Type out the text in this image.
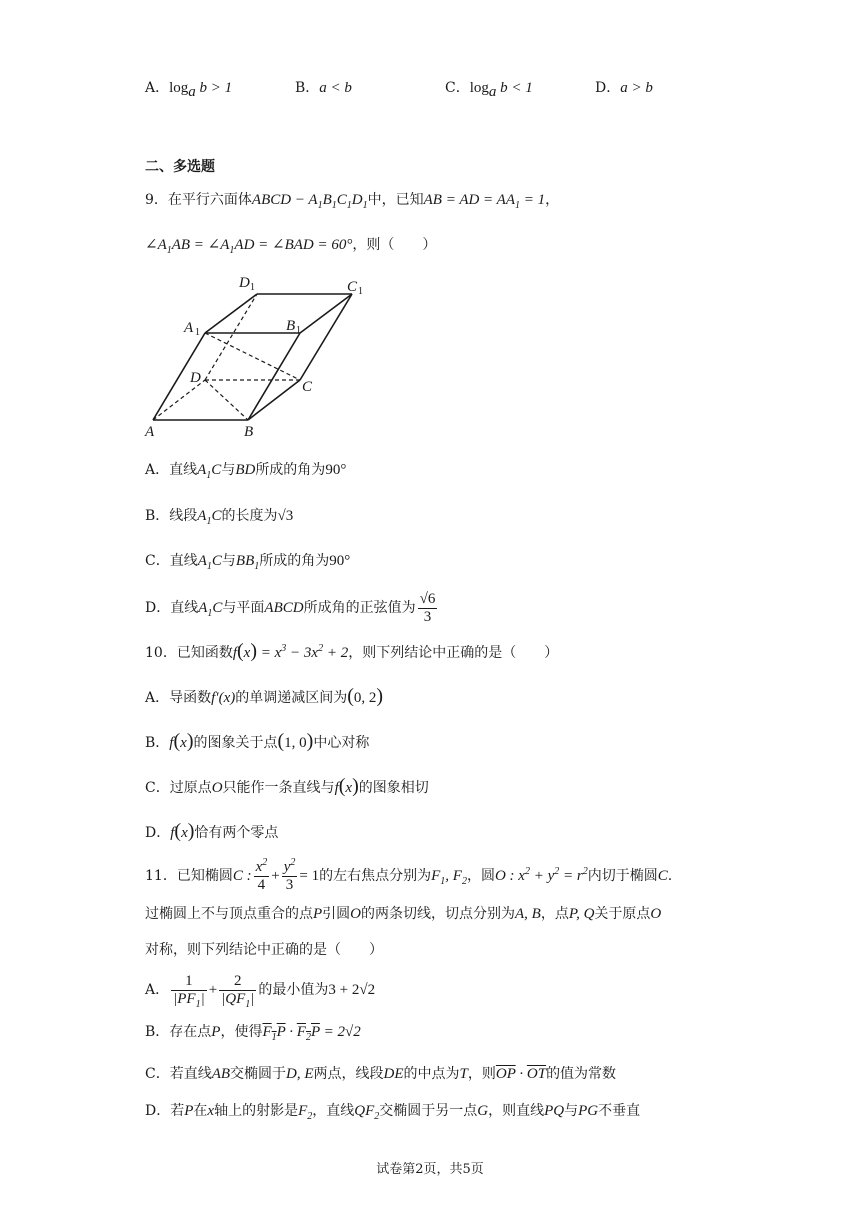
A．$\log_a b > 1$	B．a < b	C．$\log_a b < 1$	D．a > b
二、多选题
9．在平行六面体ABCD − $A_1B_1C_1D_1$中，已知AB = AD = $AA_1 = 1$，
$\angle A_1AB$ = $\angle A_1AD$ = ∠BAD = 60°，则（　　）
D 1	C 1
A 1	B 1
D
C
A	B
A．直线$A_1C$与BD所成的角为90°
B．线段$A_1C$的长度为√3
C．直线$A_1C$与$BB_1$所成的角为90°
D．直线$A_1C$与平面ABCD所成角的正弦值为 $\frac{√6}{3}$
10．已知函数$f(x) = x^3 - 3x^2 + 2$，则下列结论中正确的是（　　）
A．导函数f′(x)的单调递减区间为(0, 2)
B．f(x)的图象关于点(1, 0)中心对称
C．过原点O只能作一条直线与f(x)的图象相切
D．f(x)恰有两个零点
11．已知椭圆C : $\frac{x^2}{4} + \frac{y^2}{3} = 1$的左右焦点分别为$F_1$, $F_2$，圆O : $x^2 + y^2 = r^2$内切于椭圆C.
过椭圆上不与顶点重合的点P引圆O的两条切线，切点分别为A, B，点P, Q关于原点O
对称，则下列结论中正确的是（　　）
A． $\frac{1}{|PF_1|} + \frac{2}{|QF_1|}$ 的最小值为3 + 2√2
B．存在点P，使得$F_1P \cdot F_2P = 2√2$
C．若直线AB交椭圆于D, E两点，线段DE的中点为T，则$\overline{OP} \cdot \overline{OT}$的值为常数
D．若P在x轴上的射影是$F_2$，直线$QF_2$交椭圆于另一点G，则直线PQ与PG不垂直
试卷第2页，共5页
